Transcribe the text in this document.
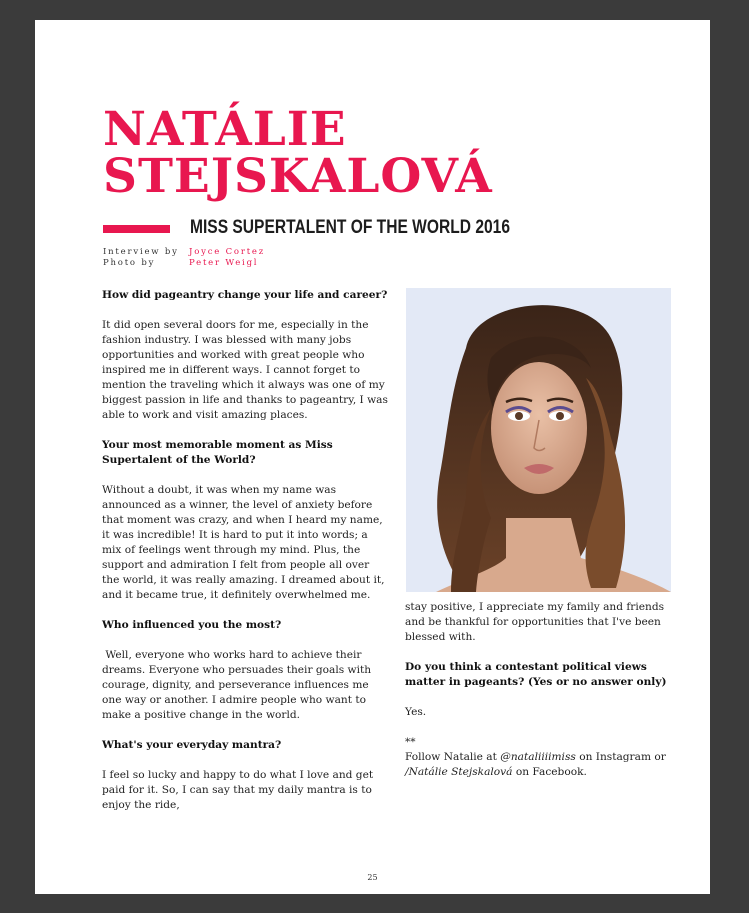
NATÁLIE
STEJSKALOVÁ
MISS SUPERTALENT OF THE WORLD 2016
Interview by	Joyce Cortez
Photo by	Peter Weigl

How did pageantry change your life and career?

It did open several doors for me, especially in the fashion industry. I was blessed with many jobs opportunities and worked with great people who inspired me in different ways. I cannot forget to mention the traveling which it always was one of my biggest passion in life and thanks to pageantry, I was able to work and visit amazing places.

Your most memorable moment as Miss Supertalent of the World?

Without a doubt, it was when my name was announced as a winner, the level of anxiety before that moment was crazy, and when I heard my name, it was incredible! It is hard to put it into words; a mix of feelings went through my mind. Plus, the support and admiration I felt from people all over the world, it was really amazing. I dreamed about it, and it became true, it definitely overwhelmed me.

Who influenced you the most?

Well, everyone who works hard to achieve their dreams. Everyone who persuades their goals with courage, dignity, and perseverance influences me one way or another. I admire people who want to make a positive change in the world.

What's your everyday mantra?

I feel so lucky and happy to do what I love and get paid for it. So, I can say that my daily mantra is to enjoy the ride,

stay positive, I appreciate my family and friends and be thankful for opportunities that I've been blessed with.

Do you think a contestant political views matter in pageants? (Yes or no answer only)

Yes.

**
Follow Natalie at @nataliiiimiss on Instagram or /Natálie Stejskalová on Facebook.

25
